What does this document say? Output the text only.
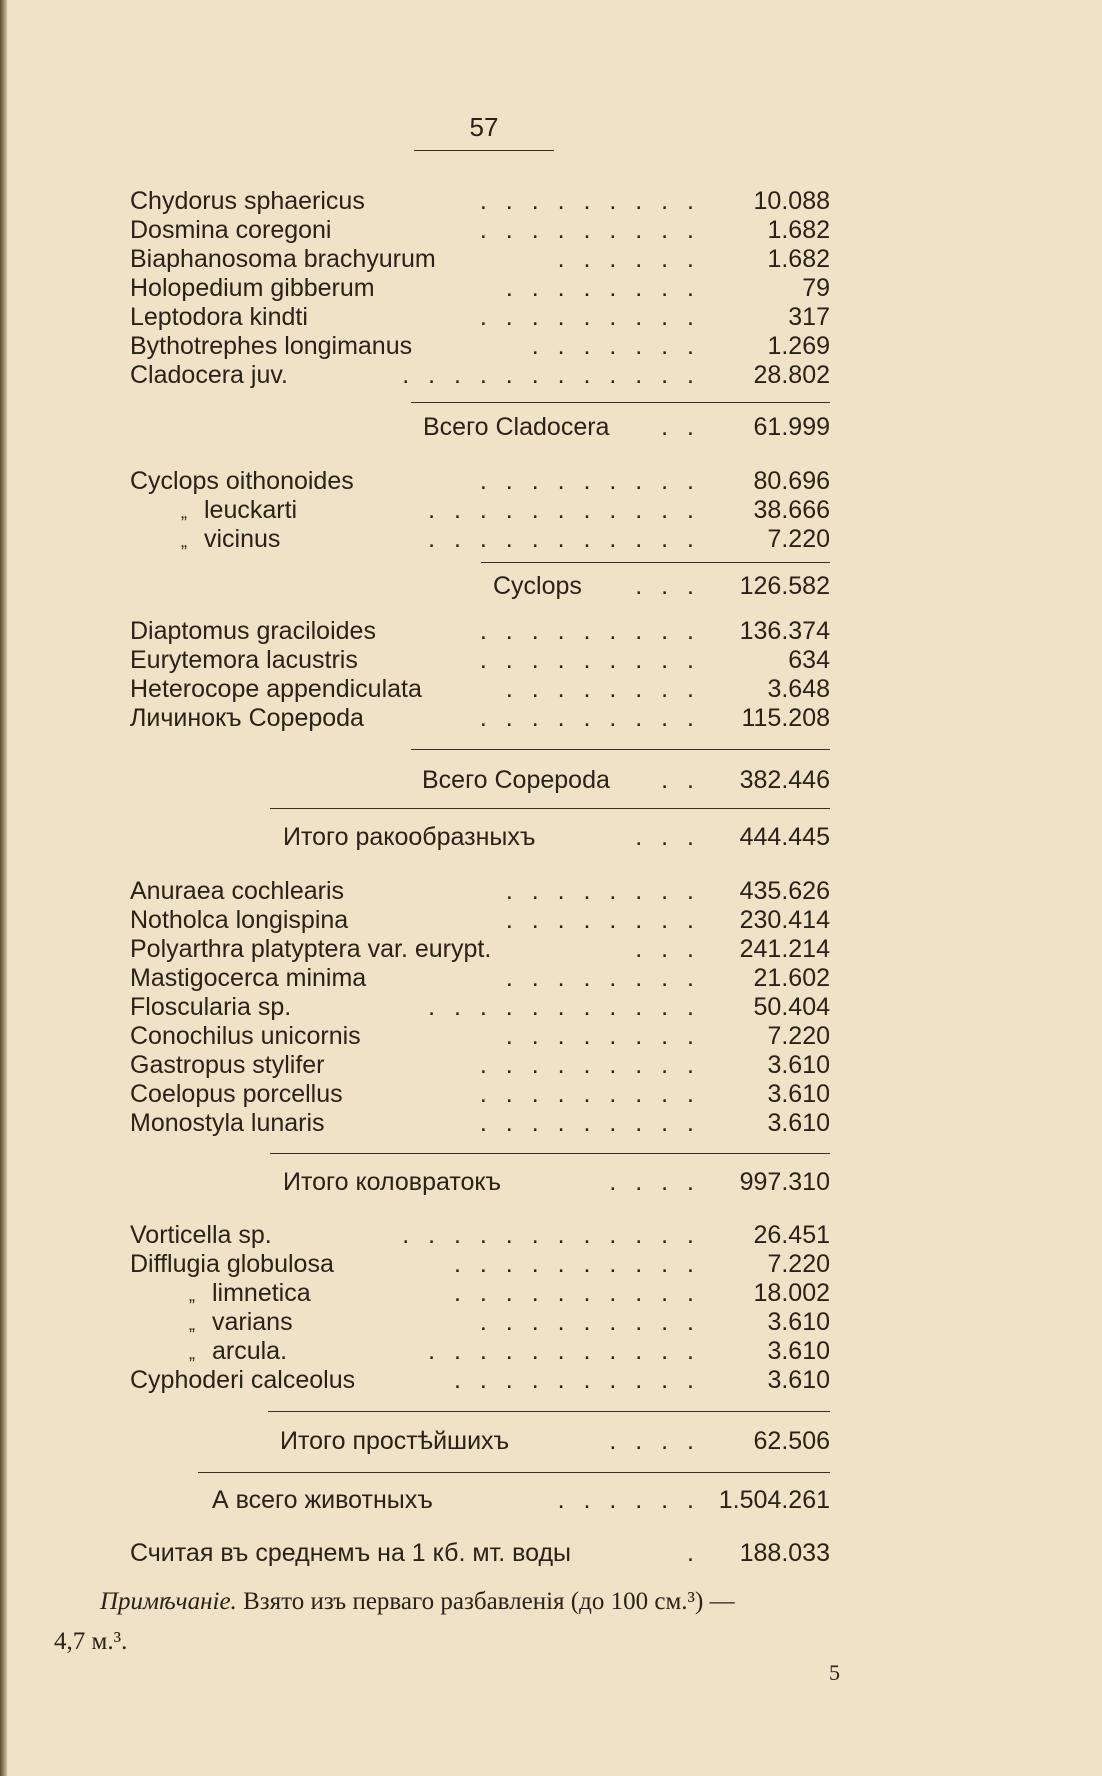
57
Chydorus sphaericus	. . . . . . . . . 10.088
Dosmina coregoni	. . . . . . . . .	1.682
Biaphanosoma brachyurum	. . . . . .	1.682
Holopedium gibberum	. . . . . . . .	79
Leptodora kindti	. . . . . . . . .	317
Bythotrephes longimanus	. . . . . . .	1.269
Cladocera juv.	. . . . . . . . . . . . 28.802
Всего Cladocera . . 61.999
Cyclops oithonoides	. . . . . . . . . 80.696
„ leuckarti	. . . . . . . . . . . 38.666
„ vicinus	. . . . . . . . . . .	7.220
Cyclops . . . 126.582
Diaptomus graciloides	. . . . . . . . . 136.374
Eurytemora lacustris	. . . . . . . . .	634
Heterocope appendiculata	. . . . . . . .	3.648
Личинокъ Copepoda	. . . . . . . . . 115.208
Всего Copepoda . . 382.446
Итого ракообразныхъ	. . . 444.445
Anuraea cochlearis	. . . . . . . . 435.626
Notholca longispina	. . . . . . . . 230.414
Polyarthra platyptera var. eurypt.	. . . 241.214
Mastigocerca minima	. . . . . . . . 21.602
Floscularia sp.	. . . . . . . . . . . 50.404
Conochilus unicornis	. . . . . . . .	7.220
Gastropus stylifer	. . . . . . . . .	3.610
Coelopus porcellus	. . . . . . . . .	3.610
Monostyla lunaris	. . . . . . . . .	3.610
Итого коловратокъ	. . . . 997.310
Vorticella sp.	. . . . . . . . . . . . 26.451
Difflugia globulosa	. . . . . . . . . .	7.220
„ limnetica	. . . . . . . . . . 18.002
„ varians	. . . . . . . . .	3.610
„ arcula.	. . . . . . . . . . .	3.610
Cyphoderi calceolus	. . . . . . . . . .	3.610
Итого простѣйшихъ	. . . . 62.506
А всего животныхъ	. . . . . . 1.504.261
Считая въ среднемъ на 1 кб. мт. воды	. 188.033
Примѣчаніе. Взято изъ перваго разбавленія (до 100 см.³) —
4,7 м.³.
5
